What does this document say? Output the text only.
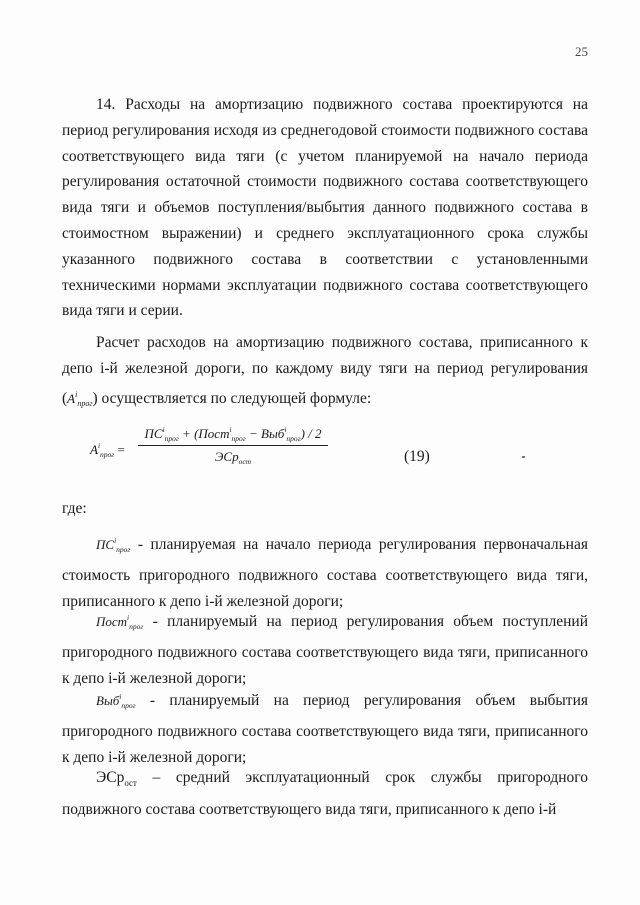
25

14. Расходы на амортизацию подвижного состава проектируются на период регулирования исходя из среднегодовой стоимости подвижного состава соответствующего вида тяги (с учетом планируемой на начало периода регулирования остаточной стоимости подвижного состава соответствующего вида тяги и объемов поступления/выбытия данного подвижного состава в стоимостном выражении) и среднего эксплуатационного срока службы указанного подвижного состава в соответствии с установленными техническими нормами эксплуатации подвижного состава соответствующего вида тяги и серии.

Расчет расходов на амортизацию подвижного состава, приписанного к депо i-й железной дороги, по каждому виду тяги на период регулирования $(A^i_{прог})$ осуществляется по следующей формуле:

$A^i_{прог}$ =
$ПС^i_{прог}$ + (Пост$^i_{прог}$ − Выб$^i_{прог}$) / 2
ЭСр$_{ост}$	(19)

где:

$ПС^i_{прог}$ - планируемая на начало периода регулирования первоначальная стоимость пригородного подвижного состава соответствующего вида тяги, приписанного к депо i-й железной дороги;

Пост$^i_{прог}$ - планируемый на период регулирования объем поступлений пригородного подвижного состава соответствующего вида тяги, приписанного к депо i-й железной дороги;

Выб$^i_{прог}$ - планируемый на период регулирования объем выбытия пригородного подвижного состава соответствующего вида тяги, приписанного к депо i-й железной дороги;

ЭСр$_{ост}$ – средний эксплуатационный срок службы пригородного подвижного состава соответствующего вида тяги, приписанного к депо i-й
